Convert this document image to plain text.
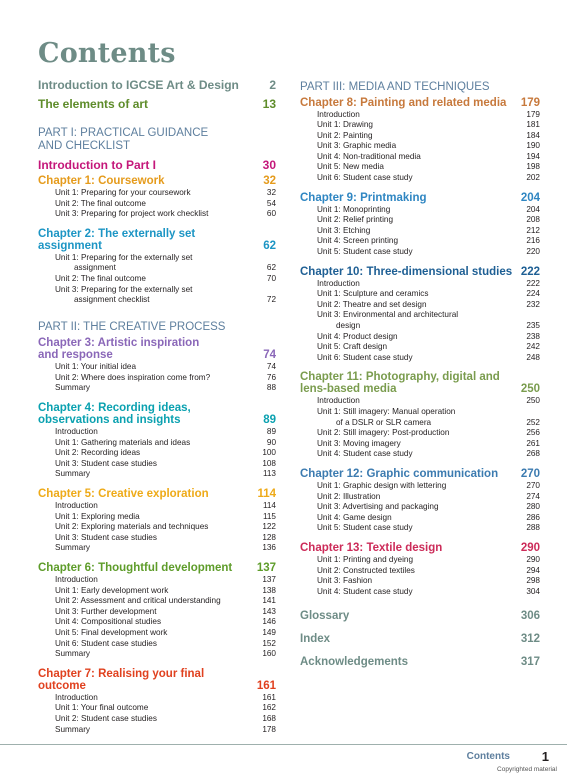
Contents
Introduction to IGCSE Art & Design	2
The elements of art	13
PART I: PRACTICAL GUIDANCE
AND CHECKLIST
Introduction to Part I	30
Chapter 1: Coursework	32
Unit 1: Preparing for your coursework	32
Unit 2: The final outcome	54
Unit 3: Preparing for project work checklist	60
Chapter 2: The externally set assignment	62
Unit 1: Preparing for the externally set
assignment	62
Unit 2: The final outcome	70
Unit 3: Preparing for the externally set
assignment checklist	72
PART II: THE CREATIVE PROCESS
Chapter 3: Artistic inspiration
and response	74
Unit 1: Your initial idea	74
Unit 2: Where does inspiration come from?	76
Summary	88
Chapter 4: Recording ideas,
observations and insights	89
Introduction	89
Unit 1: Gathering materials and ideas	90
Unit 2: Recording ideas	100
Unit 3: Student case studies	108
Summary	113
Chapter 5: Creative exploration	114
Introduction	114
Unit 1: Exploring media	115
Unit 2: Exploring materials and techniques	122
Unit 3: Student case studies	128
Summary	136
Chapter 6: Thoughtful development	137
Introduction	137
Unit 1: Early development work	138
Unit 2: Assessment and critical understanding	141
Unit 3: Further development	143
Unit 4: Compositional studies	146
Unit 5: Final development work	149
Unit 6: Student case studies	152
Summary	160
Chapter 7: Realising your final outcome	161
Introduction	161
Unit 1: Your final outcome	162
Unit 2: Student case studies	168
Summary	178
PART III: MEDIA AND TECHNIQUES
Chapter 8: Painting and related media	179
Introduction	179
Unit 1: Drawing	181
Unit 2: Painting	184
Unit 3: Graphic media	190
Unit 4: Non-traditional media	194
Unit 5: New media	198
Unit 6: Student case study	202
Chapter 9: Printmaking	204
Unit 1: Monoprinting	204
Unit 2: Relief printing	208
Unit 3: Etching	212
Unit 4: Screen printing	216
Unit 5: Student case study	220
Chapter 10: Three-dimensional studies 222
Introduction	222
Unit 1: Sculpture and ceramics	224
Unit 2: Theatre and set design	232
Unit 3: Environmental and architectural
design	235
Unit 4: Product design	238
Unit 5: Craft design	242
Unit 6: Student case study	248
Chapter 11: Photography, digital and
lens-based media	250
Introduction	250
Unit 1: Still imagery: Manual operation
of a DSLR or SLR camera	252
Unit 2: Still imagery: Post-production	256
Unit 3: Moving imagery	261
Unit 4: Student case study	268
Chapter 12: Graphic communication	270
Unit 1: Graphic design with lettering	270
Unit 2: Illustration	274
Unit 3: Advertising and packaging	280
Unit 4: Game design	286
Unit 5: Student case study	288
Chapter 13: Textile design	290
Unit 1: Printing and dyeing	290
Unit 2: Constructed textiles	294
Unit 3: Fashion	298
Unit 4: Student case study	304
Glossary	306
Index	312
Acknowledgements	317
Contents 1
Copyrighted material
